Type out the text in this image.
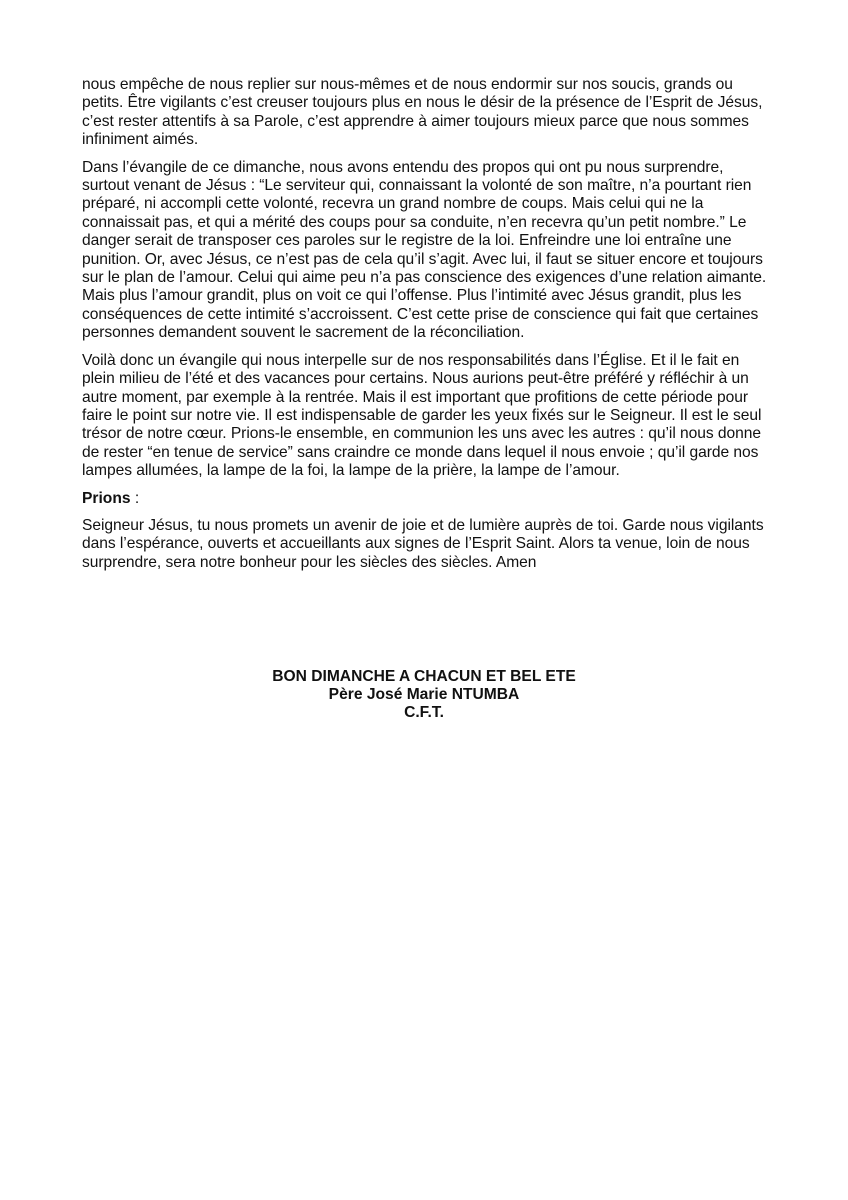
nous empêche de nous replier sur nous-mêmes et de nous endormir sur nos soucis, grands ou petits. Être vigilants c’est creuser toujours plus en nous le désir de la présence de l’Esprit de Jésus, c’est rester attentifs à sa Parole, c’est apprendre à aimer toujours mieux parce que nous sommes infiniment aimés.

Dans l’évangile de ce dimanche, nous avons entendu des propos qui ont pu nous surprendre, surtout venant de Jésus : “Le serviteur qui, connaissant la volonté de son maître, n’a pourtant rien préparé, ni accompli cette volonté, recevra un grand nombre de coups. Mais celui qui ne la connaissait pas, et qui a mérité des coups pour sa conduite, n’en recevra qu’un petit nombre.” Le danger serait de transposer ces paroles sur le registre de la loi. Enfreindre une loi entraîne une punition. Or, avec Jésus, ce n’est pas de cela qu’il s’agit. Avec lui, il faut se situer encore et toujours sur le plan de l’amour. Celui qui aime peu n’a pas conscience des exigences d’une relation aimante. Mais plus l’amour grandit, plus on voit ce qui l’offense. Plus l’intimité avec Jésus grandit, plus les conséquences de cette intimité s’accroissent. C’est cette prise de conscience qui fait que certaines personnes demandent souvent le sacrement de la réconciliation.

Voilà donc un évangile qui nous interpelle sur de nos responsabilités dans l’Église. Et il le fait en plein milieu de l’été et des vacances pour certains. Nous aurions peut-être préféré y réfléchir à un autre moment, par exemple à la rentrée. Mais il est important que profitions de cette période pour faire le point sur notre vie. Il est indispensable de garder les yeux fixés sur le Seigneur. Il est le seul trésor de notre cœur. Prions-le ensemble, en communion les uns avec les autres : qu’il nous donne de rester “en tenue de service” sans craindre ce monde dans lequel il nous envoie ; qu’il garde nos lampes allumées, la lampe de la foi, la lampe de la prière, la lampe de l’amour.

Prions :

Seigneur Jésus, tu nous promets un avenir de joie et de lumière auprès de toi. Garde nous vigilants dans l’espérance, ouverts et accueillants aux signes de l’Esprit Saint. Alors ta venue, loin de nous surprendre, sera notre bonheur pour les siècles des siècles. Amen

BON DIMANCHE A CHACUN ET BEL ETE
Père José Marie NTUMBA
C.F.T.
